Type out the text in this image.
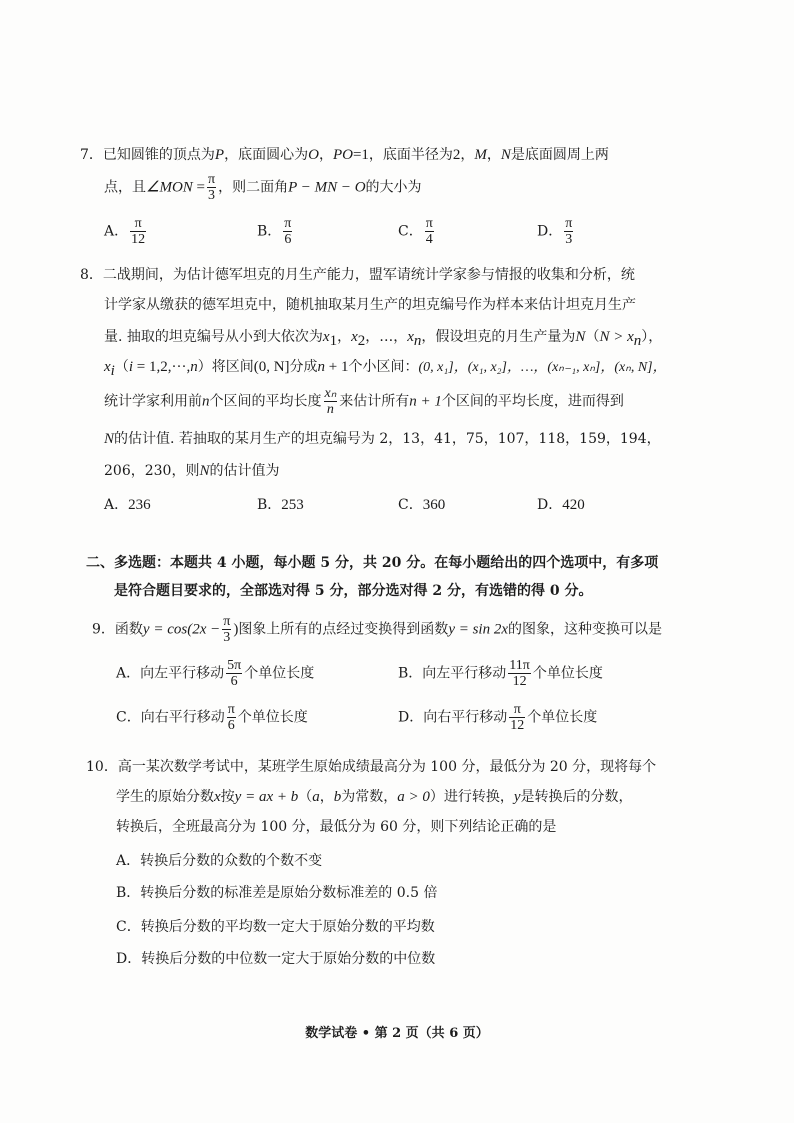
7．已知圆锥的顶点为P，底面圆心为O，PO=1，底面半径为2，M，N是底面圆周上两
点，且∠MON = $\frac{\pi}{3}$ ，则二面角P − MN − O的大小为
A． $\frac{\pi}{12}$	B． $\frac{\pi}{6}$	C． $\frac{\pi}{4}$	D． $\frac{\pi}{3}$
8．二战期间，为估计德军坦克的月生产能力，盟军请统计学家参与情报的收集和分析，统
计学家从缴获的德军坦克中，随机抽取某月生产的坦克编号作为样本来估计坦克月生产
量. 抽取的坦克编号从小到大依次为$x_1$，$x_2$，…，$x_n$，假设坦克的月生产量为$N(N > x_n)$，
$x_i(i = 1,2,\cdot\cdot\cdot,n)$将区间(0, N]分成n + 1个小区间：(0, x₁]，(x₁, x₂]，…，(xₙ₋₁, xₙ]，(xₙ, N]，
统计学家利用前n个区间的平均长度 $\frac{\text{xₙ}}{n}$ 来估计所有n + 1个区间的平均长度，进而得到
N的估计值. 若抽取的某月生产的坦克编号为 2，13，41，75，107，118，159，194，
206，230，则N的估计值为
A．236	B．253	C．360	D．420
二、多选题：本题共 4 小题，每小题 5 分，共 20 分。在每小题给出的四个选项中，有多项
是符合题目要求的，全部选对得 5 分，部分选对得 2 分，有选错的得 0 分。
9．函数$y = \cos(2x - \frac{\pi}{3}$ )图象上所有的点经过变换得到函数y = sin 2x的图象，这种变换可以是
A．向左平行移动 $\frac{5\pi}{6}$ 个单位长度	B．向左平行移动 $\frac{11\pi}{12}$ 个单位长度
C．向右平行移动 $\frac{\pi}{6}$ 个单位长度	D．向右平行移动 $\frac{\pi}{12}$ 个单位长度
10．高一某次数学考试中，某班学生原始成绩最高分为 100 分，最低分为 20 分，现将每个
学生的原始分数x按y = ax + b（a，b为常数，a > 0）进行转换，y是转换后的分数，
转换后，全班最高分为 100 分，最低分为 60 分，则下列结论正确的是
A．转换后分数的众数的个数不变
B．转换后分数的标准差是原始分数标准差的 0.5 倍
C．转换后分数的平均数一定大于原始分数的平均数
D．转换后分数的中位数一定大于原始分数的中位数
数学试卷 • 第 2 页（共 6 页）
